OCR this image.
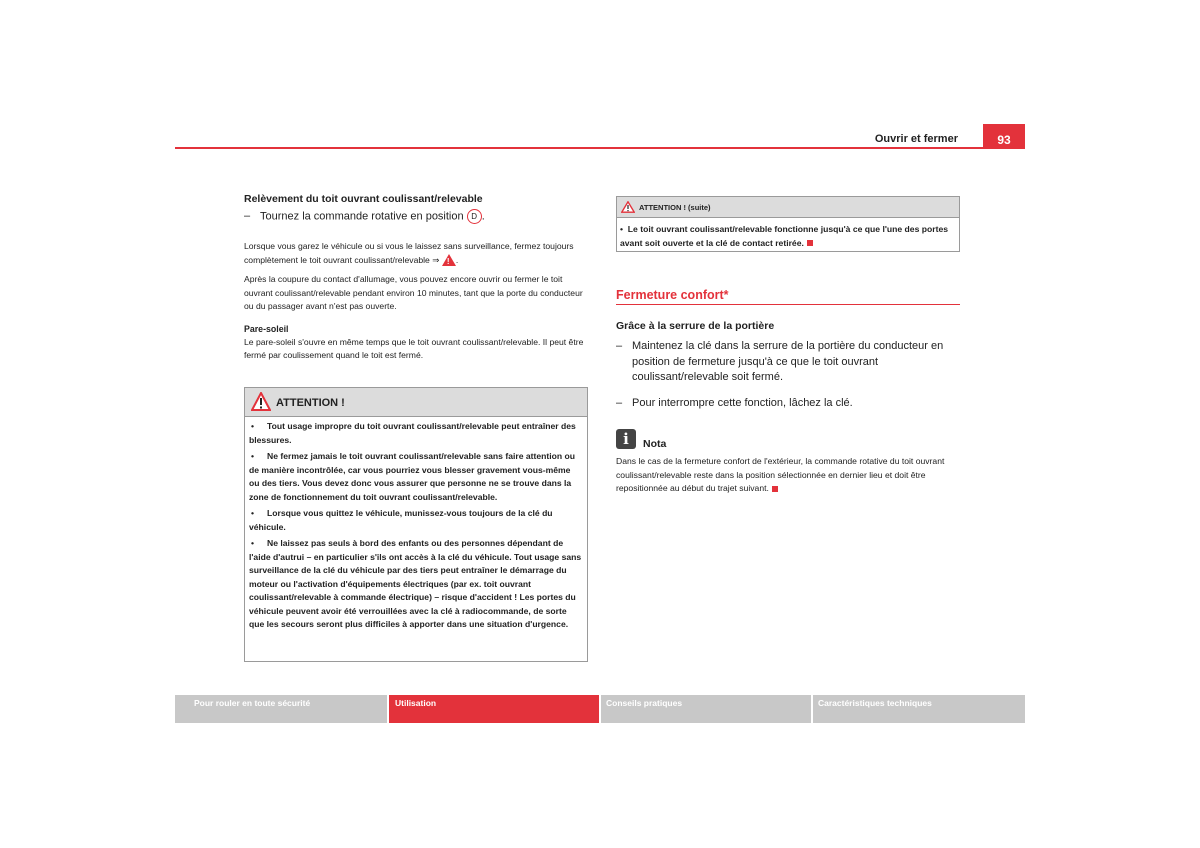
Ouvrir et fermer	93
Relèvement du toit ouvrant coulissant/relevable
– Tournez la commande rotative en position D .
Lorsque vous garez le véhicule ou si vous le laissez sans surveillance, fermez toujours complètement le toit ouvrant coulissant/relevable ⇒ ! .
Après la coupure du contact d'allumage, vous pouvez encore ouvrir ou fermer le toit ouvrant coulissant/relevable pendant environ 10 minutes, tant que la porte du conducteur ou du passager avant n'est pas ouverte.
Pare-soleil
Le pare-soleil s'ouvre en même temps que le toit ouvrant coulissant/relevable. Il peut être fermé par coulissement quand le toit est fermé.
ATTENTION !
• Tout usage impropre du toit ouvrant coulissant/relevable peut entraîner des blessures.
• Ne fermez jamais le toit ouvrant coulissant/relevable sans faire attention ou de manière incontrôlée, car vous pourriez vous blesser gravement vous-même ou des tiers. Vous devez donc vous assurer que personne ne se trouve dans la zone de fonctionnement du toit ouvrant coulissant/relevable.
• Lorsque vous quittez le véhicule, munissez-vous toujours de la clé du véhicule.
• Ne laissez pas seuls à bord des enfants ou des personnes dépendant de l'aide d'autrui – en particulier s'ils ont accès à la clé du véhicule. Tout usage sans surveillance de la clé du véhicule par des tiers peut entraîner le démarrage du moteur ou l'activation d'équipements électriques (par ex. toit ouvrant coulissant/relevable à commande électrique) – risque d'accident ! Les portes du véhicule peuvent avoir été verrouillées avec la clé à radiocommande, de sorte que les secours seront plus difficiles à apporter dans une situation d'urgence.
ATTENTION ! (suite)
•  Le toit ouvrant coulissant/relevable fonctionne jusqu'à ce que l'une des portes avant soit ouverte et la clé de contact retirée.
Fermeture confort*
Grâce à la serrure de la portière
– Maintenez la clé dans la serrure de la portière du conducteur en position de fermeture jusqu'à ce que le toit ouvrant coulissant/relevable soit fermé.
– Pour interrompre cette fonction, lâchez la clé.
i	Nota
Dans le cas de la fermeture confort de l'extérieur, la commande rotative du toit ouvrant coulissant/relevable reste dans la position sélectionnée en dernier lieu et doit être repositionnée au début du trajet suivant.
Pour rouler en toute sécurité	Utilisation	Conseils pratiques	Caractéristiques techniques
